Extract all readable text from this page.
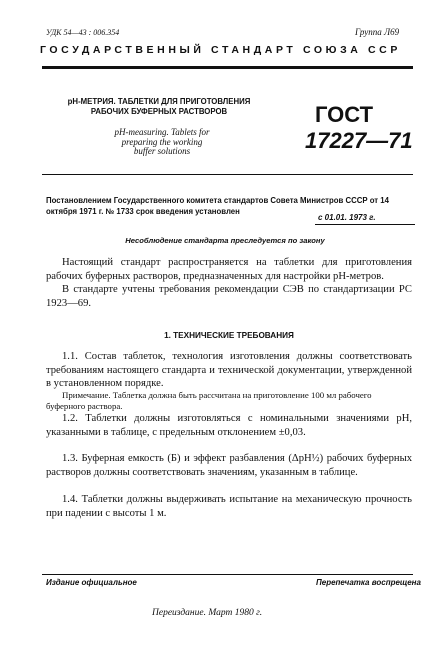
УДК 54—43 : 006.354	Группа Л69
ГОСУДАРСТВЕННЫЙ СТАНДАРТ СОЮЗА ССР
рН-МЕТРИЯ. ТАБЛЕТКИ ДЛЯ ПРИГОТОВЛЕНИЯ
РАБОЧИХ БУФЕРНЫХ РАСТВОРОВ
pH-measuring. Tablets for
preparing the working
buffer solutions
ГОСТ
17227—71
Постановлением Государственного комитета стандартов Совета Министров СССР от 14 октября 1971 г. № 1733 срок введения установлен
с 01.01. 1973 г.
Несоблюдение стандарта преследуется по закону
Настоящий стандарт распространяется на таблетки для приготовления рабочих буферных растворов, предназначенных для настройки рН-метров.
В стандарте учтены требования рекомендации СЭВ по стандартизации РС 1923—69.
1. ТЕХНИЧЕСКИЕ ТРЕБОВАНИЯ
1.1. Состав таблеток, технология изготовления должны соответствовать требованиям настоящего стандарта и технической документации, утвержденной в установленном порядке.
Примечание. Таблетка должна быть рассчитана на приготовление 100 мл рабочего буферного раствора.
1.2. Таблетки должны изготовляться с номинальными значениями рН, указанными в таблице, с предельным отклонением ±0,03.
1.3. Буферная емкость (Б) и эффект разбавления (ΔрН½) рабочих буферных растворов должны соответствовать значениям, указанным в таблице.
1.4. Таблетки должны выдерживать испытание на механическую прочность при падении с высоты 1 м.
Издание официальное	Перепечатка воспрещена
Переиздание. Март 1980 г.
